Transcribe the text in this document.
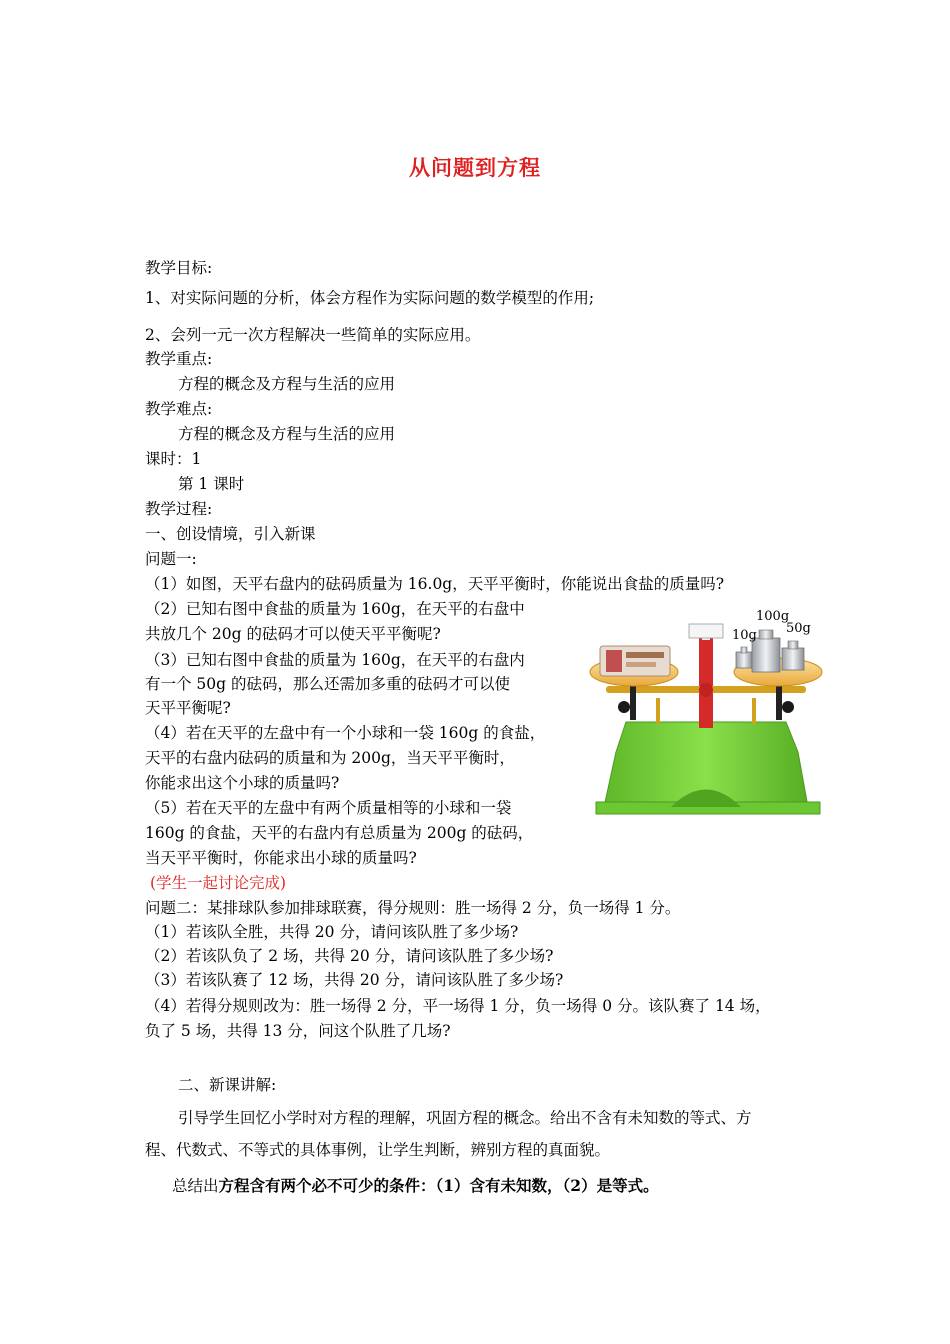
从问题到方程
教学目标:
1、对实际问题的分析，体会方程作为实际问题的数学模型的作用;
2、会列一元一次方程解决一些简单的实际应用。
教学重点:
方程的概念及方程与生活的应用
教学难点:
方程的概念及方程与生活的应用
课时：1
第 1 课时
教学过程:
一、创设情境，引入新课
问题一:
（1）如图，天平右盘内的砝码质量为 16.0g，天平平衡时，你能说出食盐的质量吗?
（2）已知右图中食盐的质量为 160g，在天平的右盘中
共放几个 20g 的砝码才可以使天平平衡呢?
（3）已知右图中食盐的质量为 160g，在天平的右盘内
有一个 50g 的砝码，那么还需加多重的砝码才可以使
天平平衡呢?
（4）若在天平的左盘中有一个小球和一袋 160g 的食盐，
天平的右盘内砝码的质量和为 200g，当天平平衡时，
你能求出这个小球的质量吗?
（5）若在天平的左盘中有两个质量相等的小球和一袋
160g 的食盐，天平的右盘内有总质量为 200g 的砝码，
当天平平衡时，你能求出小球的质量吗?
(学生一起讨论完成)
100g
50g
10g
问题二：某排球队参加排球联赛，得分规则：胜一场得 2 分，负一场得 1 分。
（1）若该队全胜，共得 20 分，请问该队胜了多少场?
（2）若该队负了 2 场，共得 20 分，请问该队胜了多少场?
（3）若该队赛了 12 场，共得 20 分，请问该队胜了多少场?
（4）若得分规则改为：胜一场得 2 分，平一场得 1 分，负一场得 0 分。该队赛了 14 场，
负了 5 场，共得 13 分，问这个队胜了几场?
二、新课讲解:
引导学生回忆小学时对方程的理解，巩固方程的概念。给出不含有未知数的等式、方
程、代数式、不等式的具体事例，让学生判断，辨别方程的真面貌。
总结出方程含有两个必不可少的条件：（1）含有未知数，（2）是等式。
